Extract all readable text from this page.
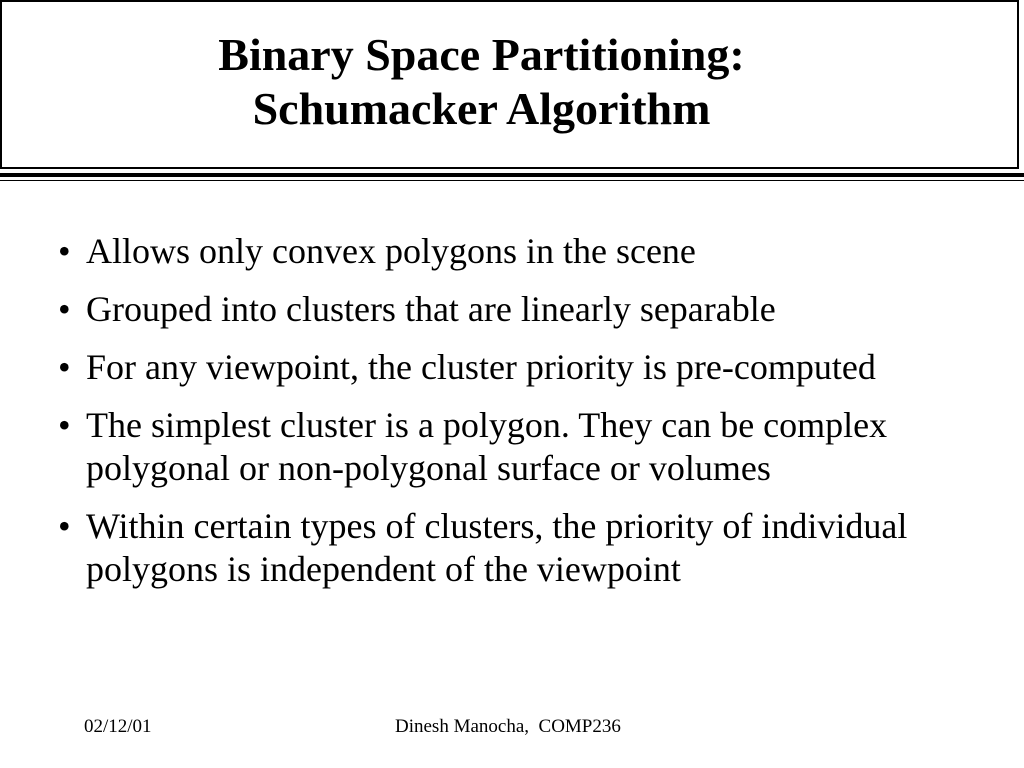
Binary Space Partitioning:
Schumacker Algorithm
• Allows only convex polygons in the scene
• Grouped into clusters that are linearly separable
• For any viewpoint, the cluster priority is pre-computed
• The simplest cluster is a polygon. They can be complex polygonal or non-polygonal surface or volumes
• Within certain types of clusters, the priority of individual polygons is independent of the viewpoint
02/12/01	Dinesh Manocha,  COMP236
